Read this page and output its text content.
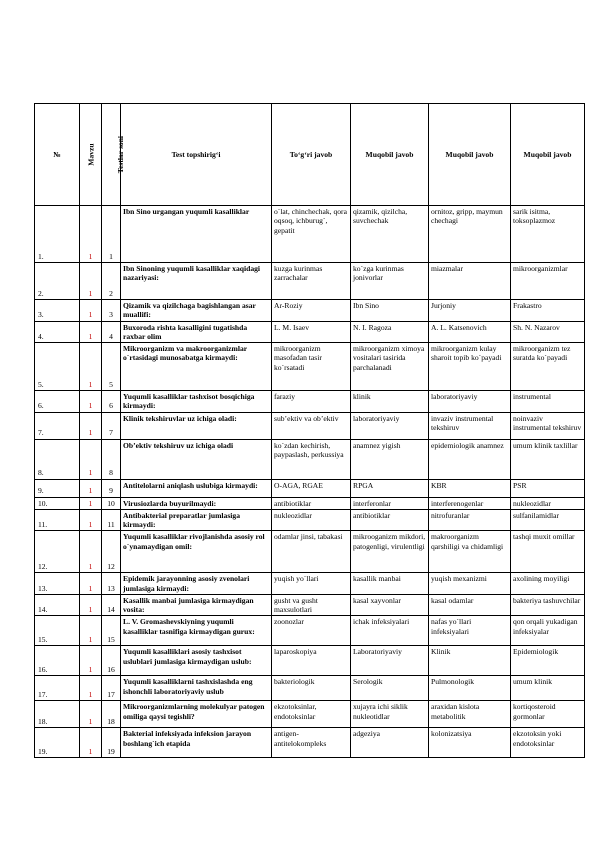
№	Mavzu	Testlar soni	Test topshirig‘i	To‘g‘ri javob	Muqobil javob	Muqobil javob	Muqobil javob
1.	1	1	Ibn Sino urgangan yuqumli kasalliklar	o`lat, chinchechak, qora oqsoq, ichburug`, gepatit	qizamik, qizilcha, suvchechak	ornitoz, gripp, maymun chechagi	sarik isitma, toksoplazmoz
2.	1	2	Ibn Sinoning yuqumli kasalliklar xaqidagi nazariyasi:	kuzga kurinmas zarrachalar	ko`zga kurinmas jonivorlar	miazmalar	mikroorganizmlar
3.	1	3	Qizamik va qizilchaga bagishlangan asar muallifi:	Ar-Roziy	Ibn Sino	Jurjoniy	Frakastro
4.	1	4	Buxoroda rishta kasalligini tugatishda raxbar olim	L. M. Isaev	N. I. Ragoza	A. L. Katsenovich	Sh. N. Nazarov
5.	1	5	Mikroorganizm va makroorganizmlar o`rtasidagi munosabatga kirmaydi:	mikroorganizm masofadan tasir ko`rsatadi	mikroorganizm ximoya vositalari tasirida parchalanadi	mikroorganizm kulay sharoit topib ko`payadi	mikroorganizm tez suratda ko`payadi
6.	1	6	Yuqumli kasalliklar tashxisot bosqichiga kirmaydi:	faraziy	klinik	laboratoriyaviy	instrumental
7.	1	7	Klinik tekshiruvlar uz ichiga oladi:	sub’ektiv va ob’ektiv	laboratoriyaviy	invaziv instrumental tekshiruv	noinvaziv instrumental tekshiruv
8.	1	8	Ob’ektiv tekshiruv uz ichiga oladi	ko`zdan kechirish, paypaslash, perkussiya	anamnez yigish	epidemiologik anamnez	umum klinik taxlillar
9.	1	9	Antitelolarni aniqlash uslubiga kirmaydi:	O-AGA, RGAE	RPGA	KBR	PSR
10.	1	10	Virusiozlarda buyurilmaydi:	antibiotiklar	interferonlar	interferenogenlar	nukleozidlar
11.	1	11	Antibakterial preparatlar jumlasiga kirmaydi:	nukleozidlar	antibiotiklar	nitrofuranlar	sulfanilamidlar
12.	1	12	Yuqumli kasalliklar rivojlanishda asosiy rol o`ynamaydigan omil:	odamlar jinsi, tabakasi	mikrooganizm mikdori, patogenligi, virulentligi	makroorganizm qarshiligi va chidamligi	tashqi muxit omillar
13.	1	13	Epidemik jarayonning asosiy zvenolari jumlasiga kirmaydi:	yuqish yo`llari	kasallik manbai	yuqish mexanizmi	axolining moyiligi
14.	1	14	Kasallik manbai jumlasiga kirmaydigan vosita:	gusht va gusht maxsulotlari	kasal xayvonlar	kasal odamlar	bakteriya tashuvchilar
15.	1	15	L. V. Gromashevskiyning yuqumli kasalliklar tasnifiga kirmaydigan gurux:	zoonozlar	ichak infeksiyalari	nafas yo`llari infeksiyalari	qon orqali yukadigan infeksiyalar
16.	1	16	Yuqumli kasalliklari asosiy tashxisot uslublari jumlasiga kirmaydigan uslub:	laparoskopiya	Laboratoriyaviy	Klinik	Epidemiologik
17.	1	17	Yuqumli kasalliklarni tashxislashda eng ishonchli laboratoriyaviy uslub	bakteriologik	Serologik	Pulmonologik	umum klinik
18.	1	18	Mikroorganizmlarning molekulyar patogen omiliga qaysi tegishli?	ekzotoksinlar, endotoksinlar	xujayra ichi siklik nukleotidlar	araxidan kislota metabolitik	kortiqosteroid gormonlar
19.	1	19	Bakterial infeksiyada infeksion jarayon boshlang`ich etapida	antigen-antitelokompleks	adgeziya	kolonizatsiya	ekzotoksin yoki endotoksinlar
